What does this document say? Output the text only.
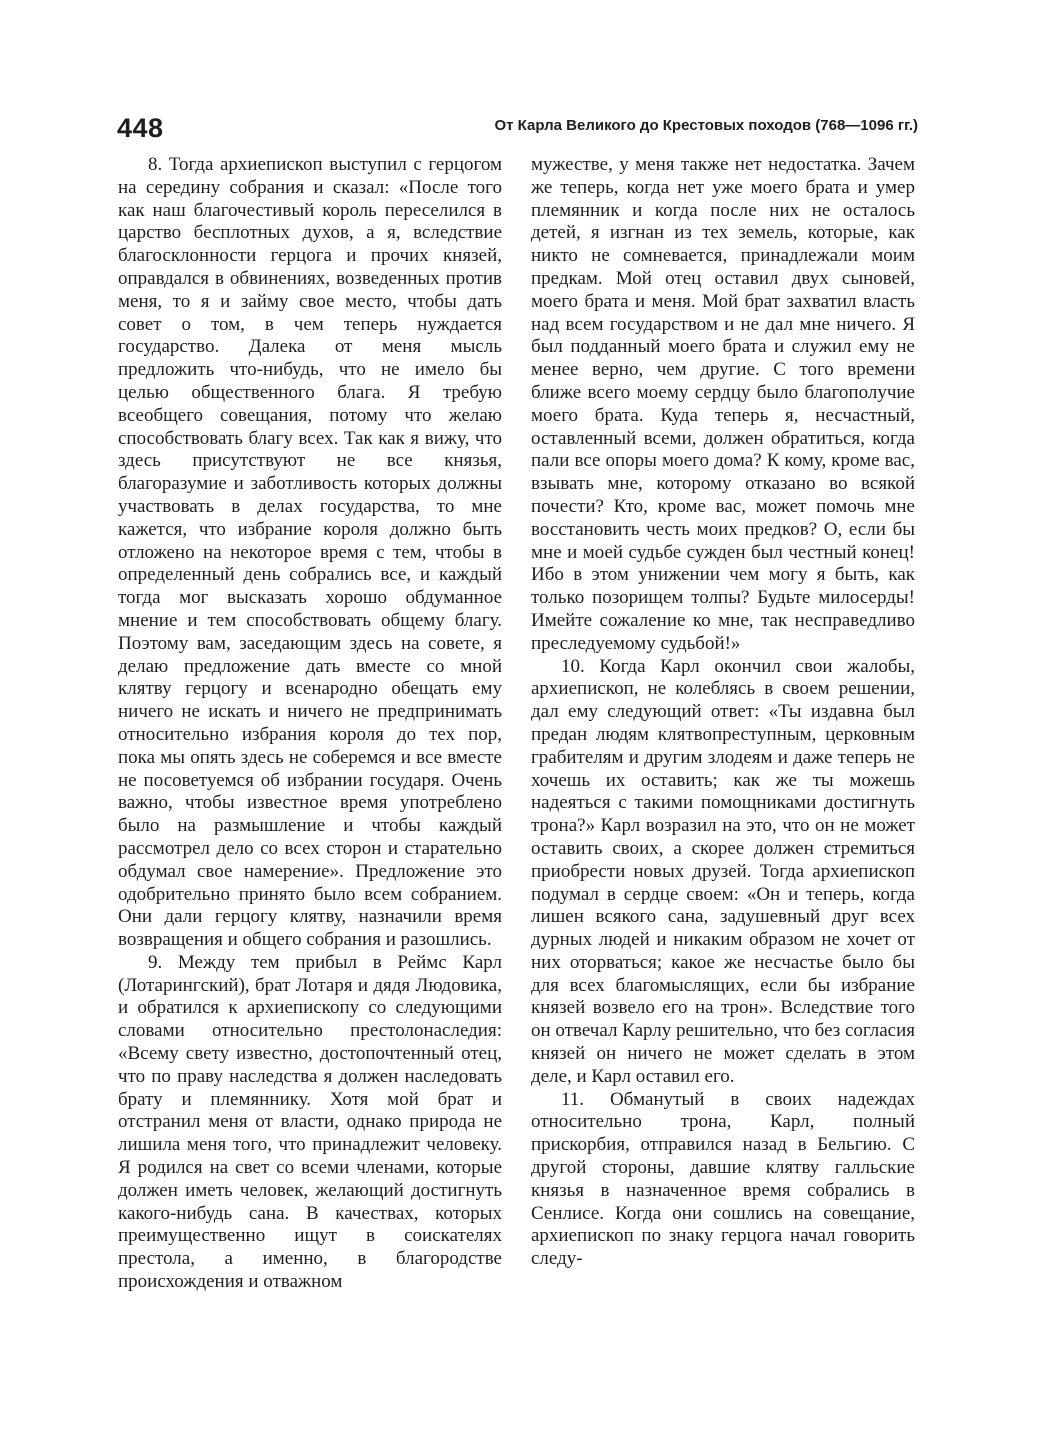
448	От Карла Великого до Крестовых походов (768—1096 гг.)

8. Тогда архиепископ выступил с герцогом на середину собрания и сказал: «После того как наш благочестивый король переселился в царство бесплотных духов, а я, вследствие благосклонности герцога и прочих князей, оправдался в обвинениях, возведенных против меня, то я и займу свое место, чтобы дать совет о том, в чем теперь нуждается государство. Далека от меня мысль предложить что-нибудь, что не имело бы целью общественного блага. Я требую всеобщего совещания, потому что желаю способствовать благу всех. Так как я вижу, что здесь присутствуют не все князья, благоразумие и заботливость которых должны участвовать в делах государства, то мне кажется, что избрание короля должно быть отложено на некоторое время с тем, чтобы в определенный день собрались все, и каждый тогда мог высказать хорошо обдуманное мнение и тем способствовать общему благу. Поэтому вам, заседающим здесь на совете, я делаю предложение дать вместе со мной клятву герцогу и всенародно обещать ему ничего не искать и ничего не предпринимать относительно избрания короля до тех пор, пока мы опять здесь не соберемся и все вместе не посоветуемся об избрании государя. Очень важно, чтобы известное время употреблено было на размышление и чтобы каждый рассмотрел дело со всех сторон и старательно обдумал свое намерение». Предложение это одобрительно принято было всем собранием. Они дали герцогу клятву, назначили время возвращения и общего собрания и разошлись.

9. Между тем прибыл в Реймс Карл (Лотарингский), брат Лотаря и дядя Людовика, и обратился к архиепископу со следующими словами относительно престолонаследия: «Всему свету известно, достопочтенный отец, что по праву наследства я должен наследовать брату и племяннику. Хотя мой брат и отстранил меня от власти, однако природа не лишила меня того, что принадлежит человеку. Я родился на свет со всеми членами, которые должен иметь человек, желающий достигнуть какого-нибудь сана. В качествах, которых преимущественно ищут в соискателях престола, а именно, в благородстве происхождения и отважном

мужестве, у меня также нет недостатка. Зачем же теперь, когда нет уже моего брата и умер племянник и когда после них не осталось детей, я изгнан из тех земель, которые, как никто не сомневается, принадлежали моим предкам. Мой отец оставил двух сыновей, моего брата и меня. Мой брат захватил власть над всем государством и не дал мне ничего. Я был подданный моего брата и служил ему не менее верно, чем другие. С того времени ближе всего моему сердцу было благополучие моего брата. Куда теперь я, несчастный, оставленный всеми, должен обратиться, когда пали все опоры моего дома? К кому, кроме вас, взывать мне, которому отказано во всякой почести? Кто, кроме вас, может помочь мне восстановить честь моих предков? О, если бы мне и моей судьбе сужден был честный конец! Ибо в этом унижении чем могу я быть, как только позорищем толпы? Будьте милосерды! Имейте сожаление ко мне, так несправедливо преследуемому судьбой!»

10. Когда Карл окончил свои жалобы, архиепископ, не колеблясь в своем решении, дал ему следующий ответ: «Ты издавна был предан людям клятвопреступным, церковным грабителям и другим злодеям и даже теперь не хочешь их оставить; как же ты можешь надеяться с такими помощниками достигнуть трона?» Карл возразил на это, что он не может оставить своих, а скорее должен стремиться приобрести новых друзей. Тогда архиепископ подумал в сердце своем: «Он и теперь, когда лишен всякого сана, задушевный друг всех дурных людей и никаким образом не хочет от них оторваться; какое же несчастье было бы для всех благомыслящих, если бы избрание князей возвело его на трон». Вследствие того он отвечал Карлу решительно, что без согласия князей он ничего не может сделать в этом деле, и Карл оставил его.

11. Обманутый в своих надеждах относительно трона, Карл, полный прискорбия, отправился назад в Бельгию. С другой стороны, давшие клятву галльские князья в назначенное время собрались в Сенлисе. Когда они сошлись на совещание, архиепископ по знаку герцога начал говорить следу-
